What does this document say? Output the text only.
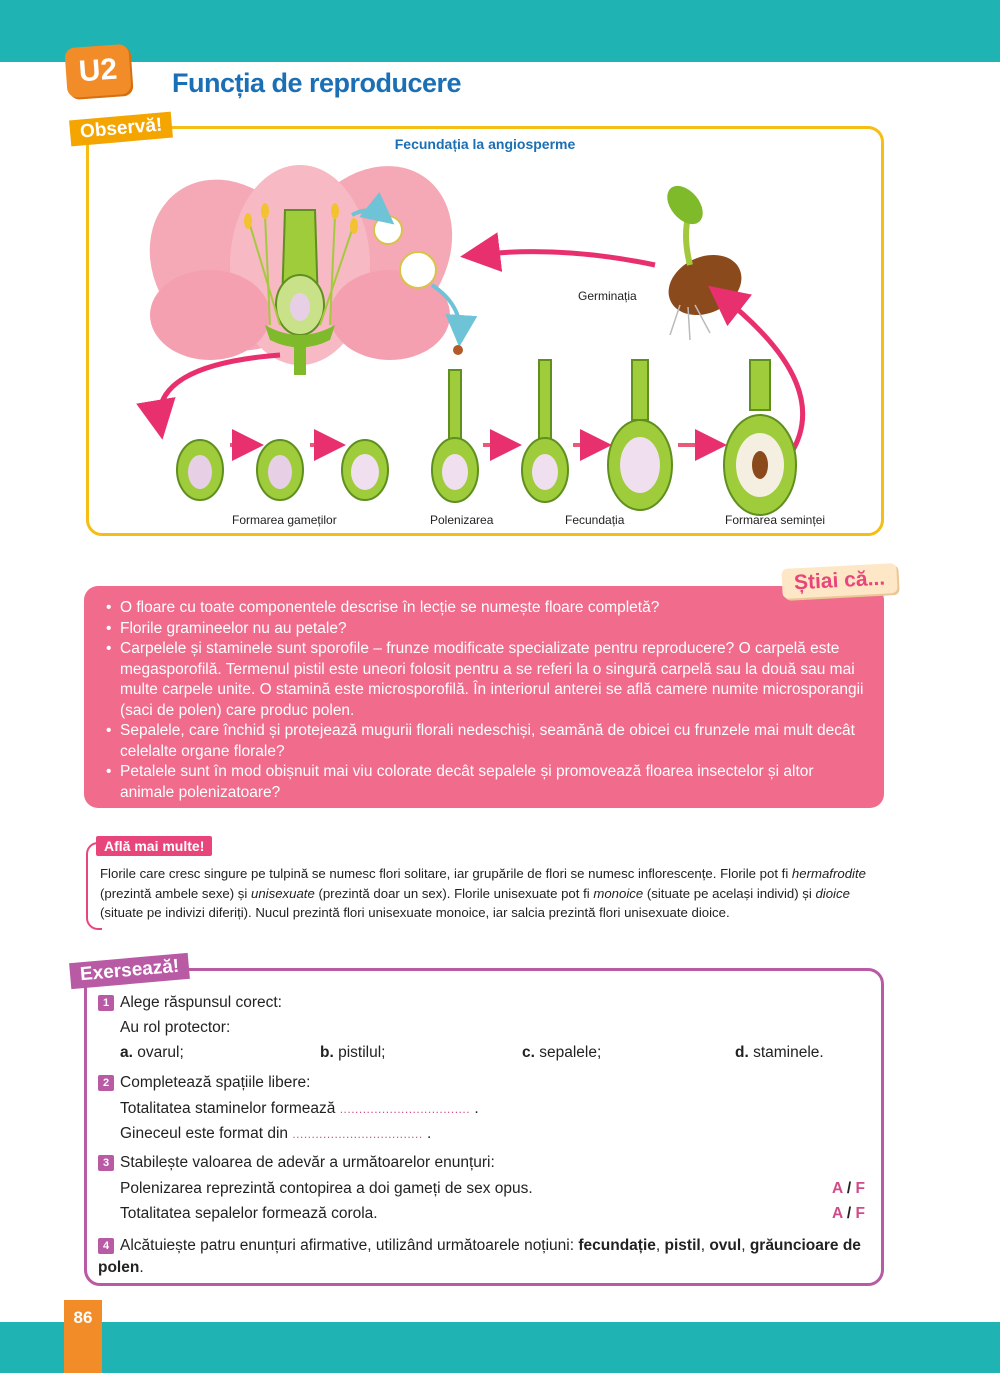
U2	Funcția de reproducere
Observă!
Fecundația la angiosperme
Germinația
Formarea gameților	Polenizarea	Fecundația	Formarea seminței
• O floare cu toate componentele descrise în lecție se numește floare completă?
• Florile gramineelor nu au petale?
• Carpelele și staminele sunt sporofile – frunze modificate specializate pentru reproducere? O carpelă este megasporofilă. Termenul pistil este uneori folosit pentru a se referi la o singură carpelă sau la două sau mai multe carpele unite. O stamină este microsporofilă. În interiorul anterei se află camere numite microsporangii (saci de polen) care produc polen.
• Sepalele, care închid și protejează mugurii florali nedeschiși, seamănă de obicei cu frunzele mai mult decât celelalte organe florale?
• Petalele sunt în mod obișnuit mai viu colorate decât sepalele și promovează floarea insectelor și altor animale polenizatoare?
Știai că...
Află mai multe!
Florile care cresc singure pe tulpină se numesc flori solitare, iar grupările de flori se numesc inflorescențe. Florile pot fi hermafrodite (prezintă ambele sexe) și unisexuate (prezintă doar un sex). Florile unisexuate pot fi monoice (situate pe același individ) și dioice (situate pe indivizi diferiți). Nucul prezintă flori unisexuate monoice, iar salcia prezintă flori unisexuate dioice.
Exersează!
1 Alege răspunsul corect:
Au rol protector:
a. ovarul;	b. pistilul;	c. sepalele;	d. staminele.
2 Completează spațiile libere:
Totalitatea staminelor formează .................................. .
Gineceul este format din .................................. .
3 Stabilește valoarea de adevăr a următoarelor enunțuri:
Polenizarea reprezintă contopirea a doi gameți de sex opus.	A / F
Totalitatea sepalelor formează corola.	A / F
4 Alcătuiește patru enunțuri afirmative, utilizând următoarele noțiuni: fecundație, pistil, ovul, grăuncioare de polen.
86
